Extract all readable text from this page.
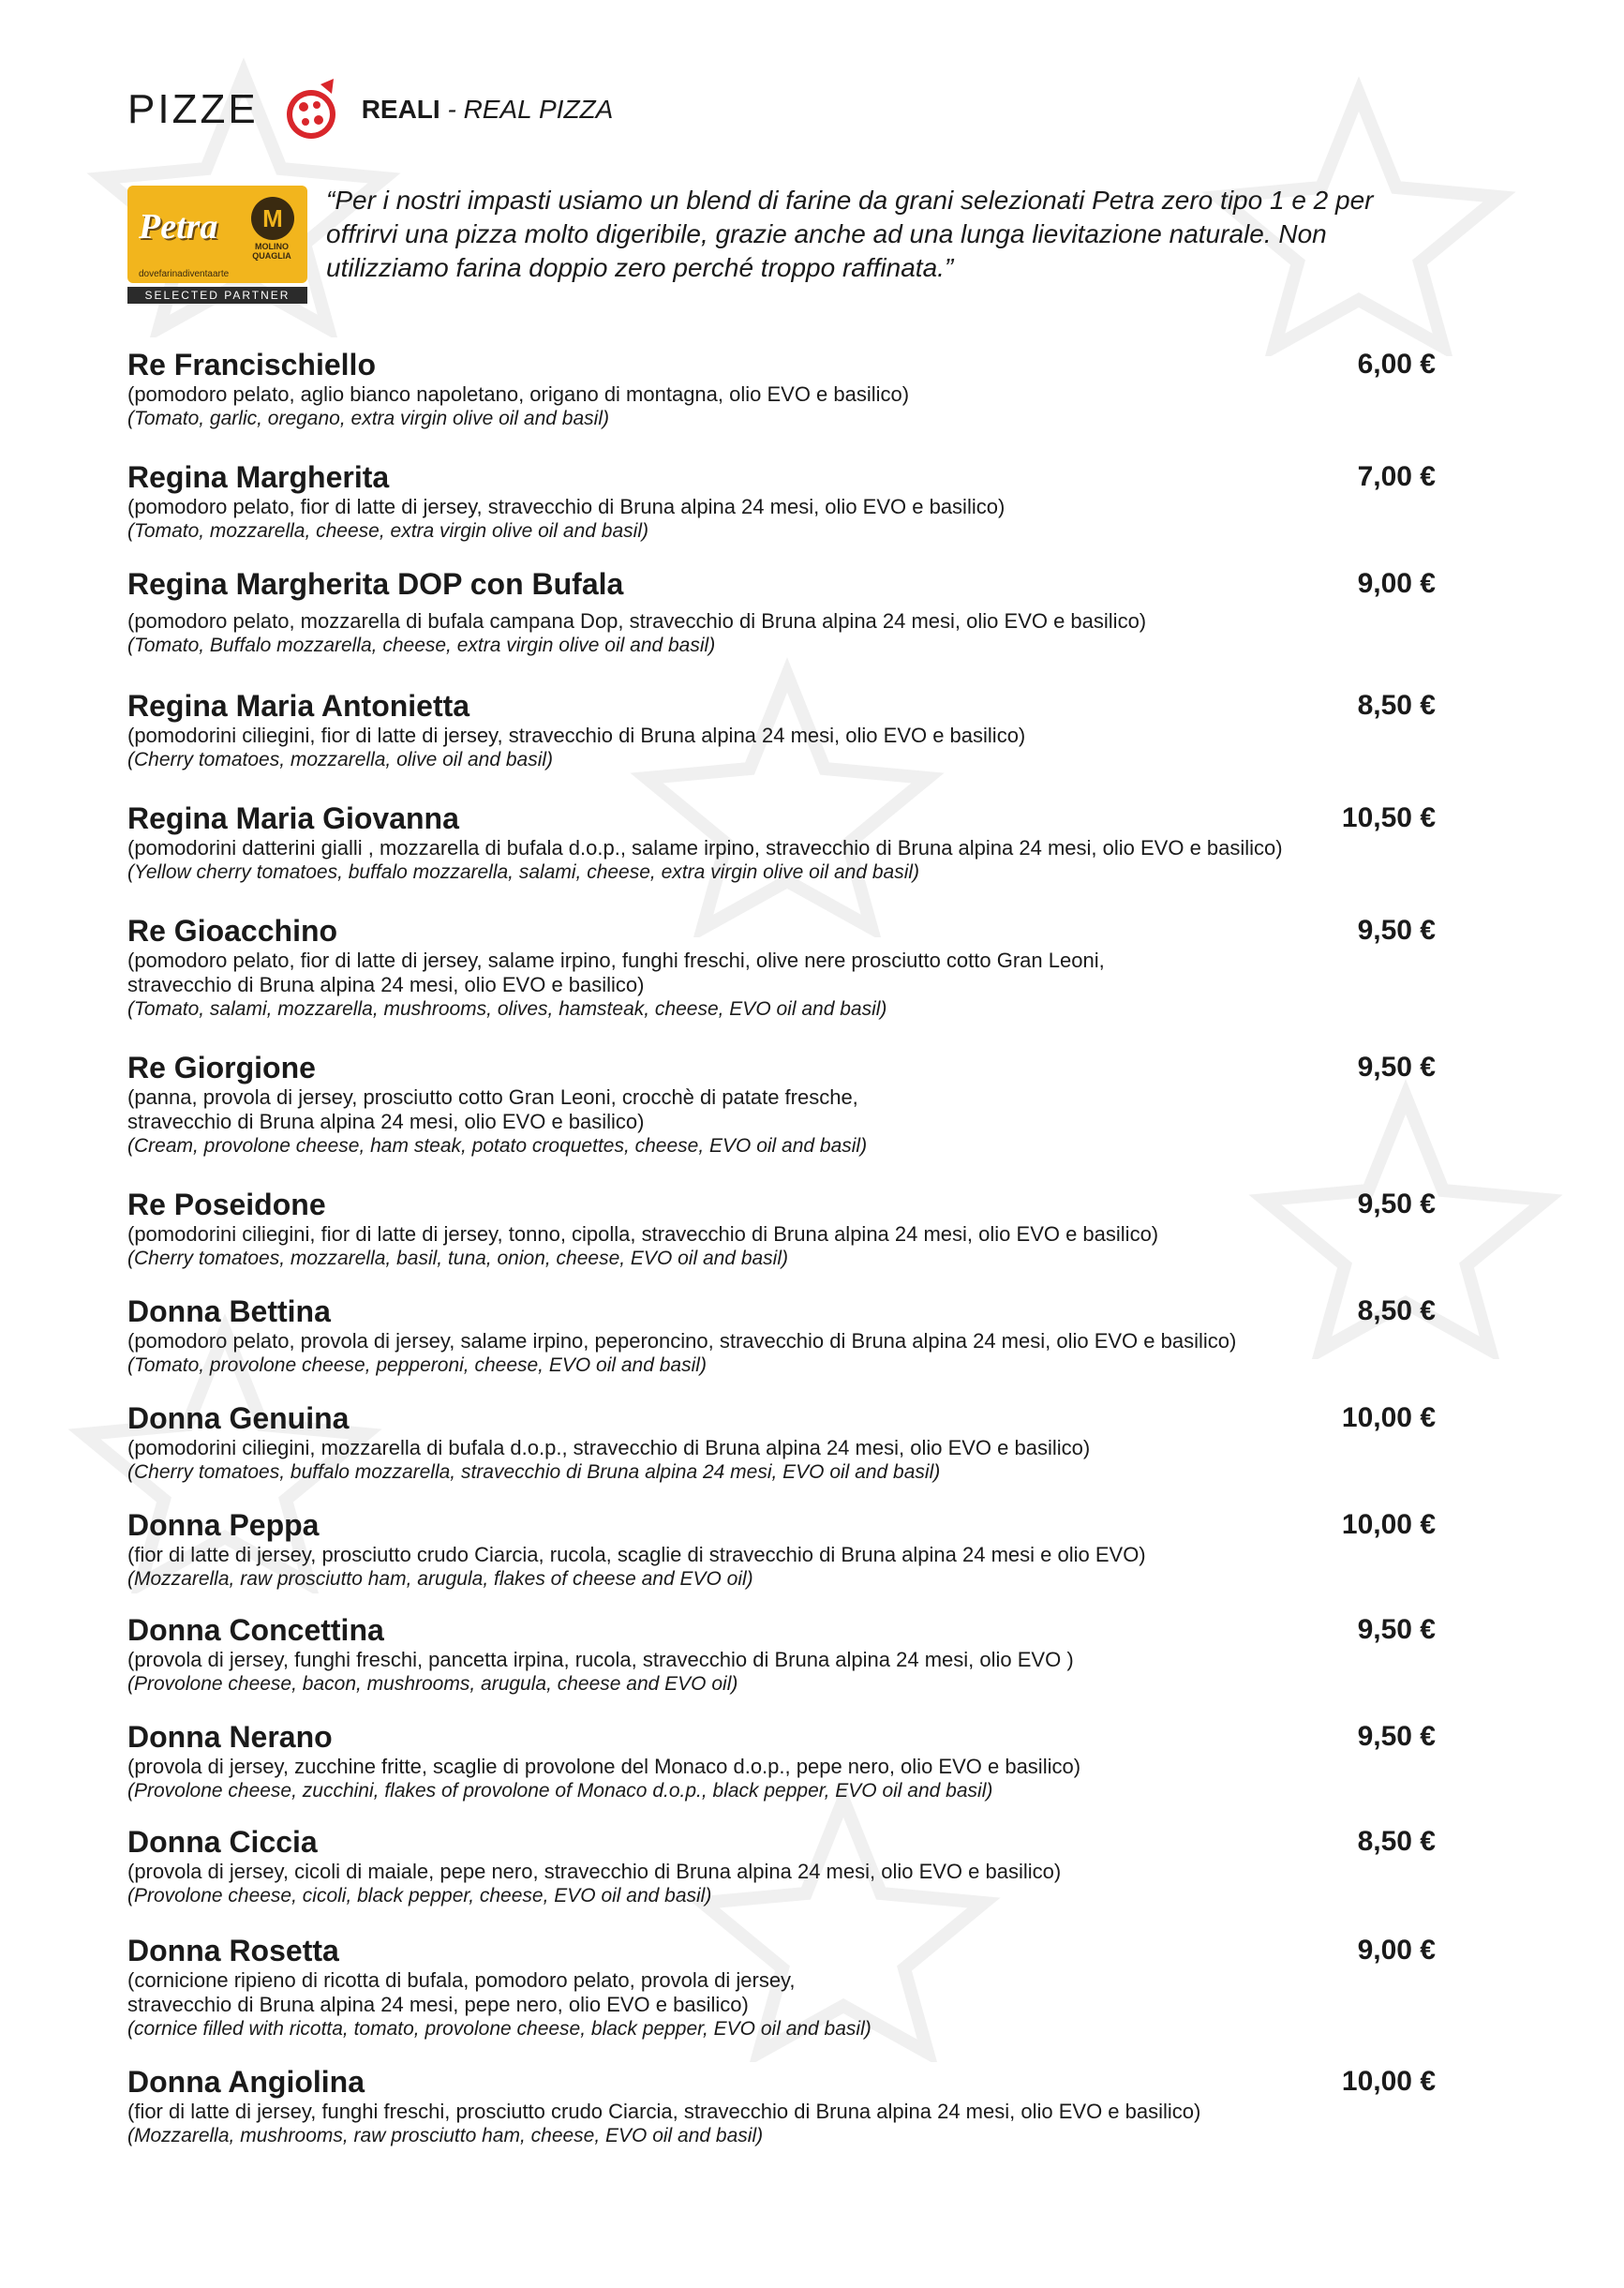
PIZZE	REALI - REAL PIZZA
Petra	M
MOLINO QUAGLIA
dovefarinadiventaarte
SELECTED PARTNER
“Per i nostri impasti usiamo un blend di farine da grani selezionati Petra zero tipo 1 e 2 per offrirvi una pizza molto digeribile, grazie anche ad una lunga lievitazione naturale. Non utilizziamo farina doppio zero perché troppo raffinata.”
Re Francischiello	6,00 €
(pomodoro pelato, aglio bianco napoletano, origano di montagna, olio EVO e basilico)
(Tomato, garlic, oregano, extra virgin olive oil and basil)
Regina Margherita	7,00 €
(pomodoro pelato, fior di latte di jersey, stravecchio di Bruna alpina 24 mesi, olio EVO e basilico)
(Tomato, mozzarella, cheese, extra virgin olive oil and basil)
Regina Margherita DOP con Bufala	9,00 €
(pomodoro pelato, mozzarella di bufala campana Dop, stravecchio di Bruna alpina 24 mesi, olio EVO e basilico)
(Tomato, Buffalo mozzarella, cheese, extra virgin olive oil and basil)
Regina Maria Antonietta	8,50 €
(pomodorini ciliegini, fior di latte di jersey, stravecchio di Bruna alpina 24 mesi, olio EVO e basilico)
(Cherry tomatoes, mozzarella, olive oil and basil)
Regina Maria Giovanna	10,50 €
(pomodorini datterini gialli , mozzarella di bufala d.o.p., salame irpino, stravecchio di Bruna alpina 24 mesi, olio EVO e basilico)
(Yellow cherry tomatoes, buffalo mozzarella, salami, cheese, extra virgin olive oil and basil)
Re Gioacchino	9,50 €
(pomodoro pelato, fior di latte di jersey, salame irpino, funghi freschi, olive nere prosciutto cotto Gran Leoni,
stravecchio di Bruna alpina 24 mesi, olio EVO e basilico)
(Tomato, salami, mozzarella, mushrooms, olives, hamsteak, cheese, EVO oil and basil)
Re Giorgione	9,50 €
(panna, provola di jersey, prosciutto cotto Gran Leoni, crocchè di patate fresche,
stravecchio di Bruna alpina 24 mesi, olio EVO e basilico)
(Cream, provolone cheese, ham steak, potato croquettes, cheese, EVO oil and basil)
Re Poseidone	9,50 €
(pomodorini ciliegini, fior di latte di jersey, tonno, cipolla, stravecchio di Bruna alpina 24 mesi, olio EVO e basilico)
(Cherry tomatoes, mozzarella, basil, tuna, onion, cheese, EVO oil and basil)
Donna Bettina	8,50 €
(pomodoro pelato, provola di jersey, salame irpino, peperoncino, stravecchio di Bruna alpina 24 mesi, olio EVO e basilico)
(Tomato, provolone cheese, pepperoni, cheese, EVO oil and basil)
Donna Genuina	10,00 €
(pomodorini ciliegini, mozzarella di bufala d.o.p., stravecchio di Bruna alpina 24 mesi, olio EVO e basilico)
(Cherry tomatoes, buffalo mozzarella, stravecchio di Bruna alpina 24 mesi, EVO oil and basil)
Donna Peppa	10,00 €
(fior di latte di jersey, prosciutto crudo Ciarcia, rucola, scaglie di stravecchio di Bruna alpina 24 mesi e olio EVO)
(Mozzarella, raw prosciutto ham, arugula, flakes of cheese and EVO oil)
Donna Concettina	9,50 €
(provola di jersey, funghi freschi, pancetta irpina, rucola, stravecchio di Bruna alpina 24 mesi, olio EVO )
(Provolone cheese, bacon, mushrooms, arugula, cheese and EVO oil)
Donna Nerano	9,50 €
(provola di jersey, zucchine fritte, scaglie di provolone del Monaco d.o.p., pepe nero, olio EVO e basilico)
(Provolone cheese, zucchini, flakes of provolone of Monaco d.o.p., black pepper, EVO oil and basil)
Donna Ciccia	8,50 €
(provola di jersey, cicoli di maiale, pepe nero, stravecchio di Bruna alpina 24 mesi, olio EVO e basilico)
(Provolone cheese, cicoli, black pepper, cheese, EVO oil and basil)
Donna Rosetta	9,00 €
(cornicione ripieno di ricotta di bufala, pomodoro pelato, provola di jersey,
stravecchio di Bruna alpina 24 mesi, pepe nero, olio EVO e basilico)
(cornice filled with ricotta, tomato, provolone cheese, black pepper, EVO oil and basil)
Donna Angiolina	10,00 €
(fior di latte di jersey, funghi freschi, prosciutto crudo Ciarcia, stravecchio di Bruna alpina 24 mesi, olio EVO e basilico)
(Mozzarella, mushrooms, raw prosciutto ham, cheese, EVO oil and basil)
